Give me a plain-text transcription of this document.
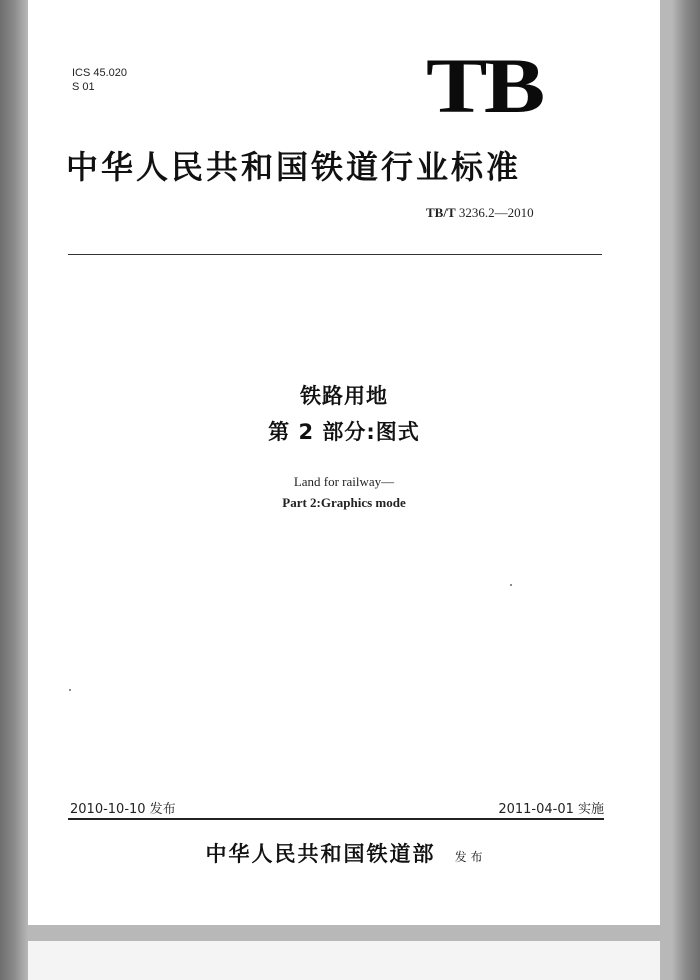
ICS 45.020
S 01	TB
中华人民共和国铁道行业标准
TB/T 3236.2—2010
铁路用地
第 2 部分:图式
Land for railway—
Part 2:Graphics mode
2010-10-10 发布	2011-04-01 实施
中华人民共和国铁道部 发 布
